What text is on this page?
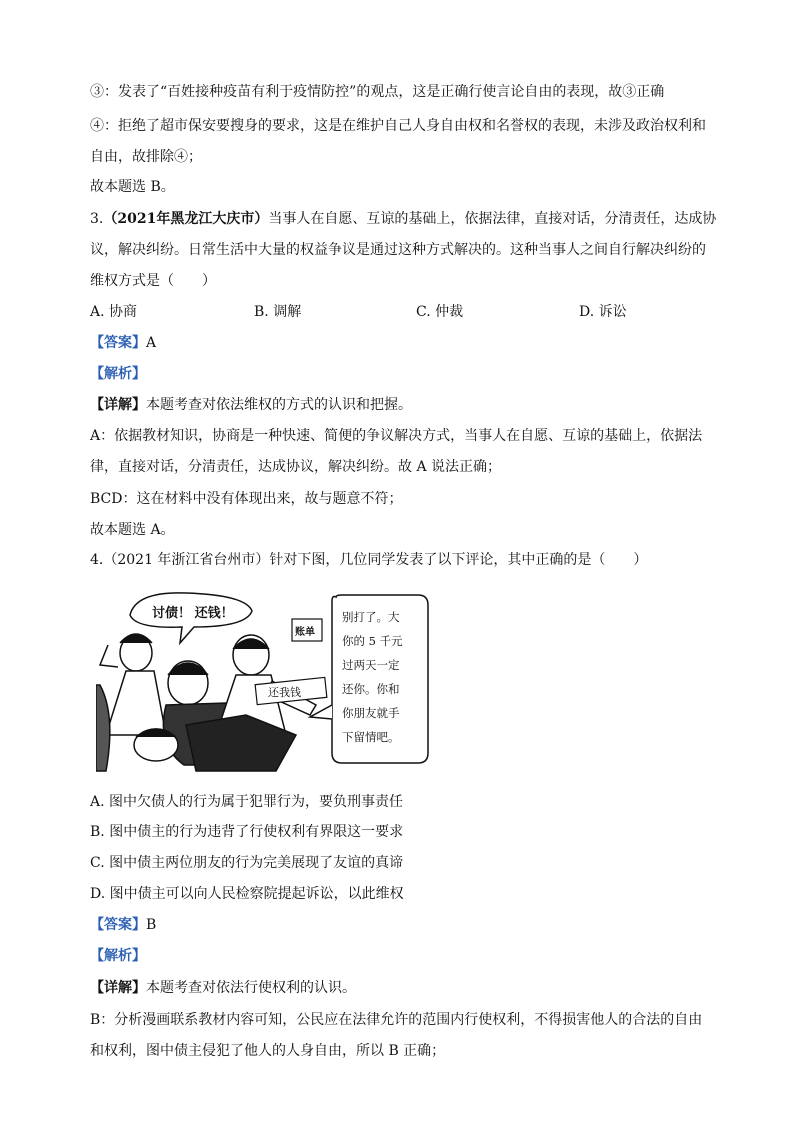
③：发表了“百姓接种疫苗有利于疫情防控”的观点，这是正确行使言论自由的表现，故③正确
④：拒绝了超市保安要搜身的要求，这是在维护自己人身自由权和名誉权的表现，未涉及政治权利和
自由，故排除④；
故本题选 B。
3.（2021年黑龙江大庆市）当事人在自愿、互谅的基础上，依据法律，直接对话，分清责任，达成协
议，解决纠纷。日常生活中大量的权益争议是通过这种方式解决的。这种当事人之间自行解决纠纷的
维权方式是（　　）
A. 协商	B. 调解	C. 仲裁	D. 诉讼
【答案】A
【解析】
【详解】本题考查对依法维权的方式的认识和把握。
A：依据教材知识，协商是一种快速、简便的争议解决方式，当事人在自愿、互谅的基础上，依据法
律，直接对话，分清责任，达成协议，解决纠纷。故 A 说法正确；
BCD：这在材料中没有体现出来，故与题意不符；
故本题选 A。
4.（2021 年浙江省台州市）针对下图，几位同学发表了以下评论，其中正确的是（　　）
讨债！ 还钱！
账单
还我钱
别打了。大
你的 5 千元
过两天一定
还你。你和
你朋友就手
下留情吧。
A. 图中欠债人的行为属于犯罪行为，要负刑事责任
B. 图中债主的行为违背了行使权利有界限这一要求
C. 图中债主两位朋友的行为完美展现了友谊的真谛
D. 图中债主可以向人民检察院提起诉讼，以此维权
【答案】B
【解析】
【详解】本题考查对依法行使权利的认识。
B：分析漫画联系教材内容可知，公民应在法律允许的范围内行使权利，不得损害他人的合法的自由
和权利，图中债主侵犯了他人的人身自由，所以 B 正确；
